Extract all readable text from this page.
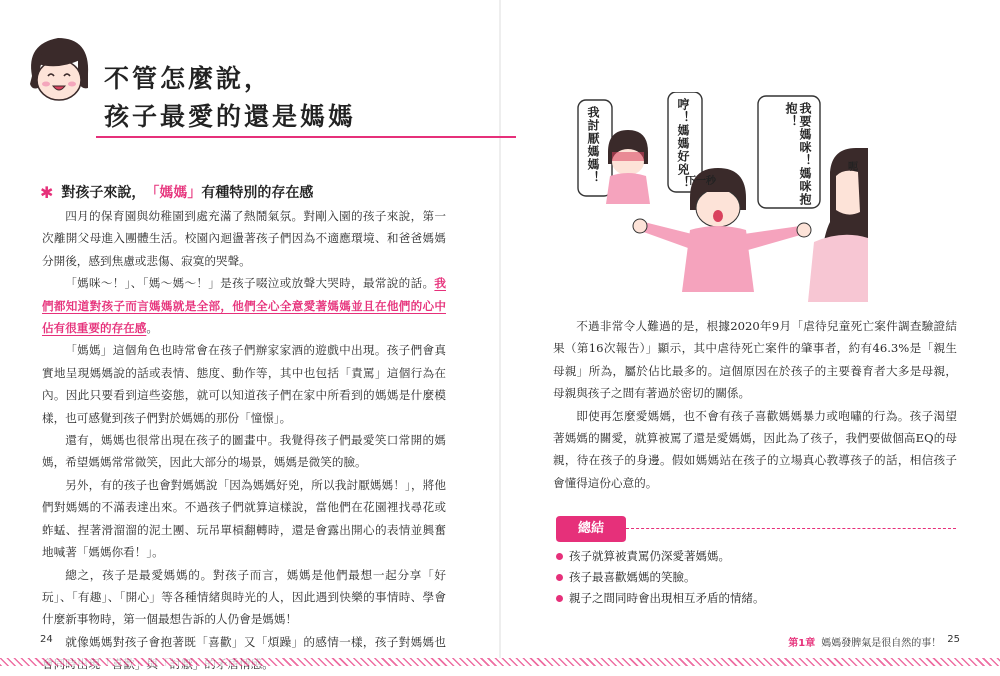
不管怎麼說，
孩子最愛的還是媽媽
✱ 對孩子來說， 「媽媽」 有種特別的存在感

四月的保育園與幼稚園到處充滿了熱鬧氣氛。對剛入園的孩子來說，第一次離開父母進入團體生活。校園內迴盪著孩子們因為不適應環境、和爸爸媽媽分開後，感到焦慮或悲傷、寂寞的哭聲。

「媽咪～！」、「媽～媽～！」是孩子啜泣或放聲大哭時，最常說的話。我們都知道對孩子而言媽媽就是全部，他們全心全意愛著媽媽並且在他們的心中佔有很重要的存在感。

「媽媽」這個角色也時常會在孩子們辦家家酒的遊戲中出現。孩子們會真實地呈現媽媽說的話或表情、態度、動作等，其中也包括「責罵」這個行為在內。因此只要看到這些姿態，就可以知道孩子們在家中所看到的媽媽是什麼模樣，也可感覺到孩子們對於媽媽的那份「憧憬」。

還有，媽媽也很常出現在孩子的圖畫中。我覺得孩子們最愛笑口常開的媽媽，希望媽媽常常微笑，因此大部分的場景，媽媽是微笑的臉。

另外，有的孩子也會對媽媽說「因為媽媽好兇，所以我討厭媽媽！」，將他們對媽媽的不滿表達出來。不過孩子們就算這樣說，當他們在花園裡找尋花或蚱蜢、捏著滑溜溜的泥土團、玩吊單槓翻轉時，還是會露出開心的表情並興奮地喊著「媽媽你看！」。

總之，孩子是最愛媽媽的。對孩子而言，媽媽是他們最想一起分享「好玩」、「有趣」、「開心」等各種情緒與時光的人，因此遇到快樂的事情時、學會什麼新事物時，第一個最想告訴的人仍會是媽媽！

就像媽媽對孩子會抱著既「喜歡」又「煩躁」的感情一樣，孩子對媽媽也

24
我討厭媽媽！	哼！媽媽好兇！	我要媽咪！媽咪抱抱！
下一秒
呃

不過非常令人難過的是，根據2020年9月「虐待兒童死亡案件調查驗證結果（第16次報告）」顯示，其中虐待死亡案件的肇事者，約有46.3%是「親生母親」所為，屬於佔比最多的。這個原因在於孩子的主要養育者大多是母親，母親與孩子之間有著過於密切的關係。

即使再怎麼愛媽媽，也不會有孩子喜歡媽媽暴力或咆嘯的行為。孩子渴望著媽媽的關愛，就算被罵了還是愛媽媽，因此為了孩子，我們要做個高EQ的母親，待在孩子的身邊。假如媽媽站在孩子的立場真心教導孩子的話，相信孩子會懂得這份心意的。

總結
孩子就算被責罵仍深愛著媽媽。
孩子最喜歡媽媽的笑臉。
親子之間同時會出現相互矛盾的情緒。
第1章 媽媽發脾氣是很自然的事！ 25
